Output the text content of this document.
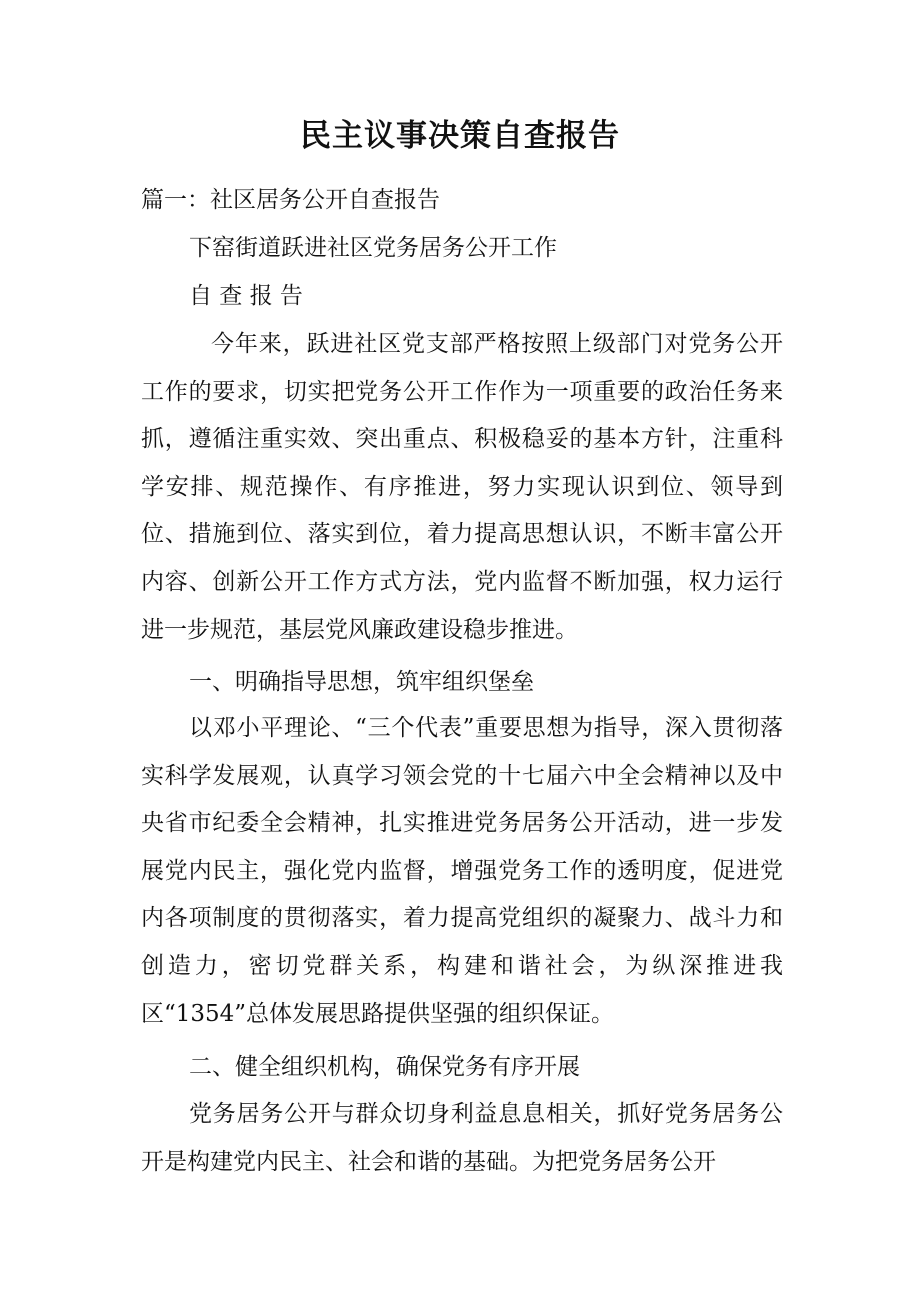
民主议事决策自查报告

篇一：社区居务公开自查报告

下窑街道跃进社区党务居务公开工作

自 查 报 告

今年来，跃进社区党支部严格按照上级部门对党务公开工作的要求，切实把党务公开工作作为一项重要的政治任务来抓，遵循注重实效、突出重点、积极稳妥的基本方针，注重科学安排、规范操作、有序推进，努力实现认识到位、领导到位、措施到位、落实到位，着力提高思想认识，不断丰富公开内容、创新公开工作方式方法，党内监督不断加强，权力运行进一步规范，基层党风廉政建设稳步推进。

一、明确指导思想，筑牢组织堡垒

以邓小平理论、“三个代表”重要思想为指导，深入贯彻落实科学发展观，认真学习领会党的十七届六中全会精神以及中央省市纪委全会精神，扎实推进党务居务公开活动，进一步发展党内民主，强化党内监督，增强党务工作的透明度，促进党内各项制度的贯彻落实，着力提高党组织的凝聚力、战斗力和创造力，密切党群关系，构建和谐社会，为纵深推进我区“1354”总体发展思路提供坚强的组织保证。

二、健全组织机构，确保党务有序开展

党务居务公开与群众切身利益息息相关，抓好党务居务公开是构建党内民主、社会和谐的基础。为把党务居务公开
